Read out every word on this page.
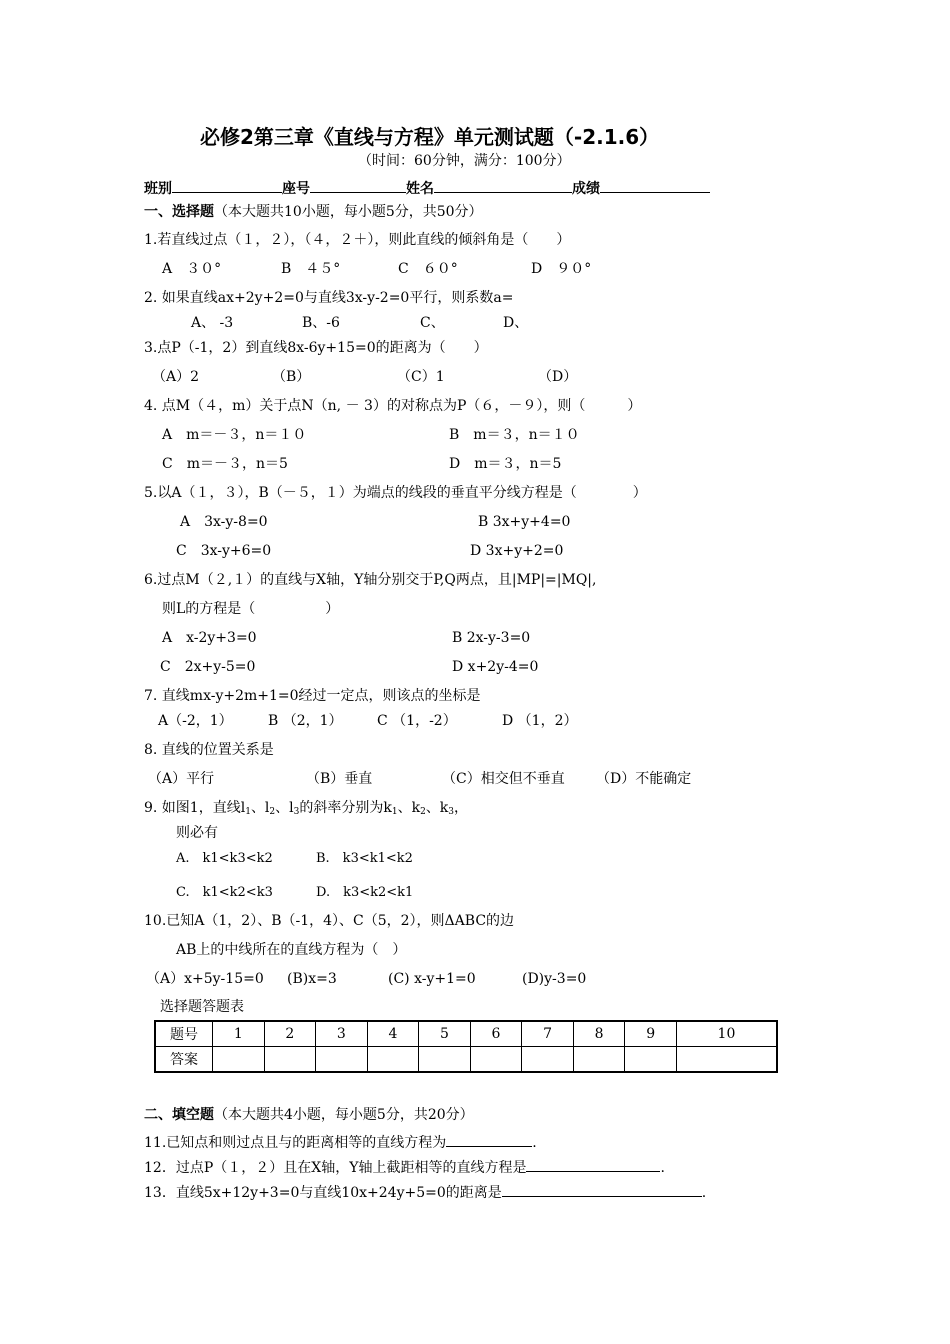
必修2第三章《直线与方程》单元测试题（-2.1.6）
（时间：60分钟，满分：100分）
班别	座号	姓名	成绩
一、选择题（本大题共10小题，每小题5分，共50分）
1.若直线过点（１，２），（４，２＋），则此直线的倾斜角是（　　）
A　３０°	B　４５°	C　６０°	D　９０°
2. 如果直线ax+2y+2=0与直线3x-y-2=0平行，则系数a=
A、 -3	B、-6	C、	D、
3.点P（-1，2）到直线8x-6y+15=0的距离为（　　）
（A）2	（B）	（C）1	（D）
4. 点M（４，m）关于点N（n, － 3）的对称点为P（６，－９），则（　　　）
A　m＝－３，n＝１０	B　m＝３，n＝１０
C　m＝－３，n＝5	D　m＝３，n＝5
5.以A（１，３），B（－５，１）为端点的线段的垂直平分线方程是（　　　　）
A　3x-y-8=0	B 3x+y+4=0
C　3x-y+6=0	D 3x+y+2=0
6.过点M（２,１）的直线与X轴，Y轴分别交于P,Q两点，且|MP|=|MQ|,
则L的方程是（　　　　　）
A　x-2y+3=0	B 2x-y-3=0
C　2x+y-5=0	D x+2y-4=0
7. 直线mx-y+2m+1=0经过一定点，则该点的坐标是
A（-2，1）	B （2，1） C （1，-2）	D （1，2）
8. 直线的位置关系是
（A）平行	（B）垂直	（C）相交但不垂直 （D）不能确定
9. 如图1，直线$l_1$、$l_2$、$l_3$的斜率分别为$k_1$、$k_2$、$k_3$，
则必有
A.　k1<k3<k2	B.　k3<k1<k2
C.　k1<k2<k3	D.　k3<k2<k1
10.已知A（1，2）、B（-1，4）、C（5，2），则ΔABC的边
AB上的中线所在的直线方程为（　）
（A）x+5y-15=0 (B)x=3	(C) x-y+1=0	(D)y-3=0
选择题答题表
题号	1	2	3	4	5	6	7	8	9	10
答案										
二、填空题（本大题共4小题，每小题5分，共20分）
11.已知点和则过点且与的距离相等的直线方程为	.
12．过点P（１，２）且在X轴，Y轴上截距相等的直线方程是	.
13．直线5x+12y+3=0与直线10x+24y+5=0的距离是	.
